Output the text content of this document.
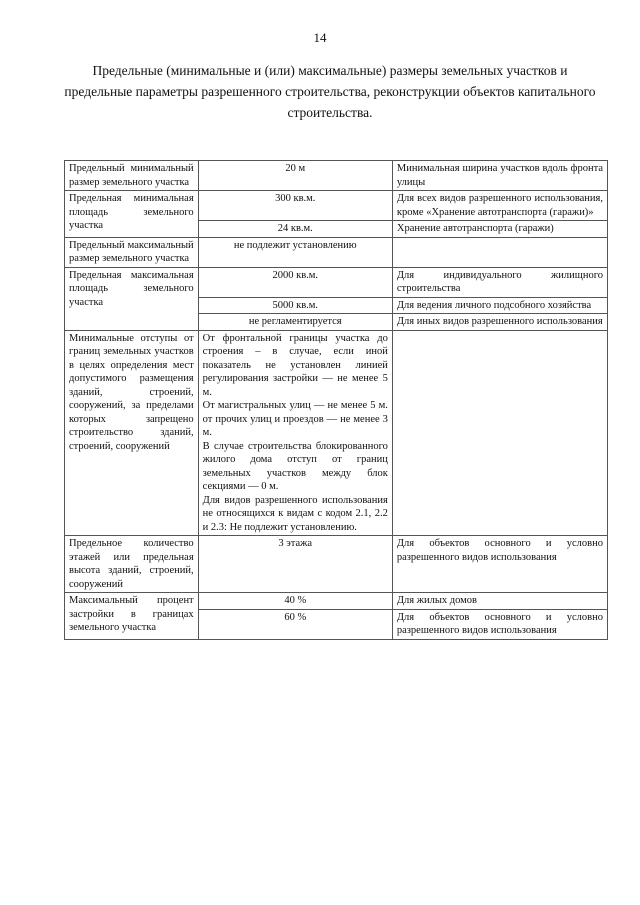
14
Предельные (минимальные и (или) максимальные) размеры земельных участков и предельные параметры разрешенного строительства, реконструкции объектов капитального строительства.
Предельный минимальный размер земельного участка	20 м	Минимальная ширина участков вдоль фронта улицы
Предельная минимальная площадь земельного участка	300 кв.м.	Для всех видов разрешенного использования, кроме «Хранение автотранспорта (гаражи)»
	24 кв.м.	Хранение автотранспорта (гаражи)
Предельный максимальный размер земельного участка	не подлежит установлению	
Предельная максимальная площадь земельного участка	2000 кв.м.	Для индивидуального жилищного строительства
	5000 кв.м.	Для ведения личного подсобного хозяйства
	не регламентируется	Для иных видов разрешенного использования
Минимальные отступы от границ земельных участков в целях определения мест допустимого размещения зданий, строений, сооружений, за пределами которых запрещено строительство зданий, строений, сооружений	От фронтальной границы участка до строения – в случае, если иной показатель не установлен линией регулирования застройки — не менее 5 м.

От магистральных улиц — не менее 5 м. от прочих улиц и проездов — не менее 3 м.

В случае строительства блокированного жилого дома отступ от границ земельных участков между блок секциями — 0 м.

Для видов разрешенного использования не относящихся к видам с кодом 2.1, 2.2 и 2.3: Не подлежит установлению.	

Предельное количество этажей или предельная высота зданий, строений, сооружений	3 этажа	Для объектов основного и условно разрешенного видов использования
Максимальный процент застройки в границах земельного участка	40 %	Для жилых домов
	60 %	Для объектов основного и условно разрешенного видов использования
